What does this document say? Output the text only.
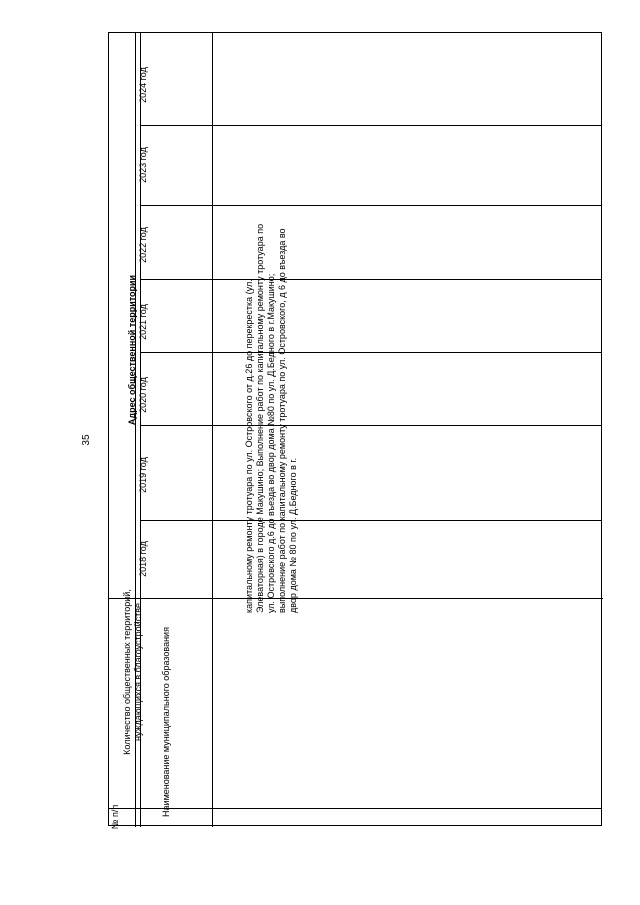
35
№ п/п
Наименование муниципального образования
Количество общественных территорий, нуждающихся в благоустройстве
Адрес общественной территории
2018 год
2019 год
2020 год
2021 год
2022 год
2023 год
2024 год
капитальному ремонту тротуара по ул. Островского от д.26 до перекрестка (ул. Элеваторная) в городе Макушино; Выполнение работ по капитальному ремонту тротуара по ул. Островского д.6 до въезда во двор дома №80 по ул. Д.Бедного в г.Макушино; выполнение работ по капитальному ремонту тротуара по ул. Островского, д 6 до въезда во двор дома № 80 по ул. Д.Бедного в г.
